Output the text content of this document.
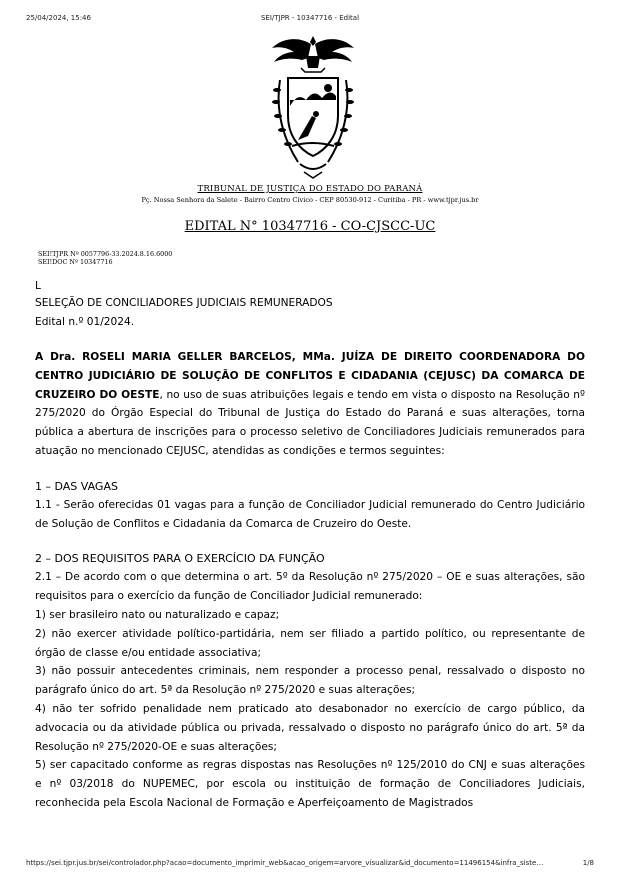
25/04/2024, 15:46	SEI/TJPR - 10347716 - Edital
TRIBUNAL DE JUSTIÇA DO ESTADO DO PARANÁ
Pç. Nossa Senhora da Salete - Bairro Centro Cívico - CEP 80530-912 - Curitiba - PR - www.tjpr.jus.br
EDITAL N° 10347716 - CO-CJSCC-UC
SEI!TJPR Nº 0057796-33.2024.8.16.6000
SEI!DOC Nº 10347716

L

SELEÇÃO DE CONCILIADORES JUDICIAIS REMUNERADOS

Edital n.º 01/2024.

A Dra. ROSELI MARIA GELLER BARCELOS, MMa. JUÍZA DE DIREITO COORDENADORA DO CENTRO JUDICIÁRIO DE SOLUÇÃO DE CONFLITOS E CIDADANIA (CEJUSC) DA COMARCA DE CRUZEIRO DO OESTE, no uso de suas atribuições legais e tendo em vista o disposto na Resolução nº 275/2020 do Órgão Especial do Tribunal de Justiça do Estado do Paraná e suas alterações, torna pública a abertura de inscrições para o processo seletivo de Conciliadores Judiciais remunerados para atuação no mencionado CEJUSC, atendidas as condições e termos seguintes:

1 – DAS VAGAS

1.1 - Serão oferecidas 01 vagas para a função de Conciliador Judicial remunerado do Centro Judiciário de Solução de Conflitos e Cidadania da Comarca de Cruzeiro do Oeste.

2 – DOS REQUISITOS PARA O EXERCÍCIO DA FUNÇÃO

2.1 – De acordo com o que determina o art. 5º da Resolução nº 275/2020 – OE e suas alterações, são requisitos para o exercício da função de Conciliador Judicial remunerado:

1) ser brasileiro nato ou naturalizado e capaz;

2) não exercer atividade político-partidária, nem ser filiado a partido político, ou representante de órgão de classe e/ou entidade associativa;

3) não possuir antecedentes criminais, nem responder a processo penal, ressalvado o disposto no parágrafo único do art. 5ª da Resolução nº 275/2020 e suas alterações;

4) não ter sofrido penalidade nem praticado ato desabonador no exercício de cargo público, da advocacia ou da atividade pública ou privada, ressalvado o disposto no parágrafo único do art. 5ª da Resolução nº 275/2020-OE e suas alterações;

5) ser capacitado conforme as regras dispostas nas Resoluções nº 125/2010 do CNJ e suas alterações e nº 03/2018 do NUPEMEC, por escola ou instituição de formação de Conciliadores Judiciais, reconhecida pela Escola Nacional de Formação e Aperfeiçoamento de Magistrados

https://sei.tjpr.jus.br/sei/controlador.php?acao=documento_imprimir_web&acao_origem=arvore_visualizar&id_documento=11496154&infra_siste…	1/8
